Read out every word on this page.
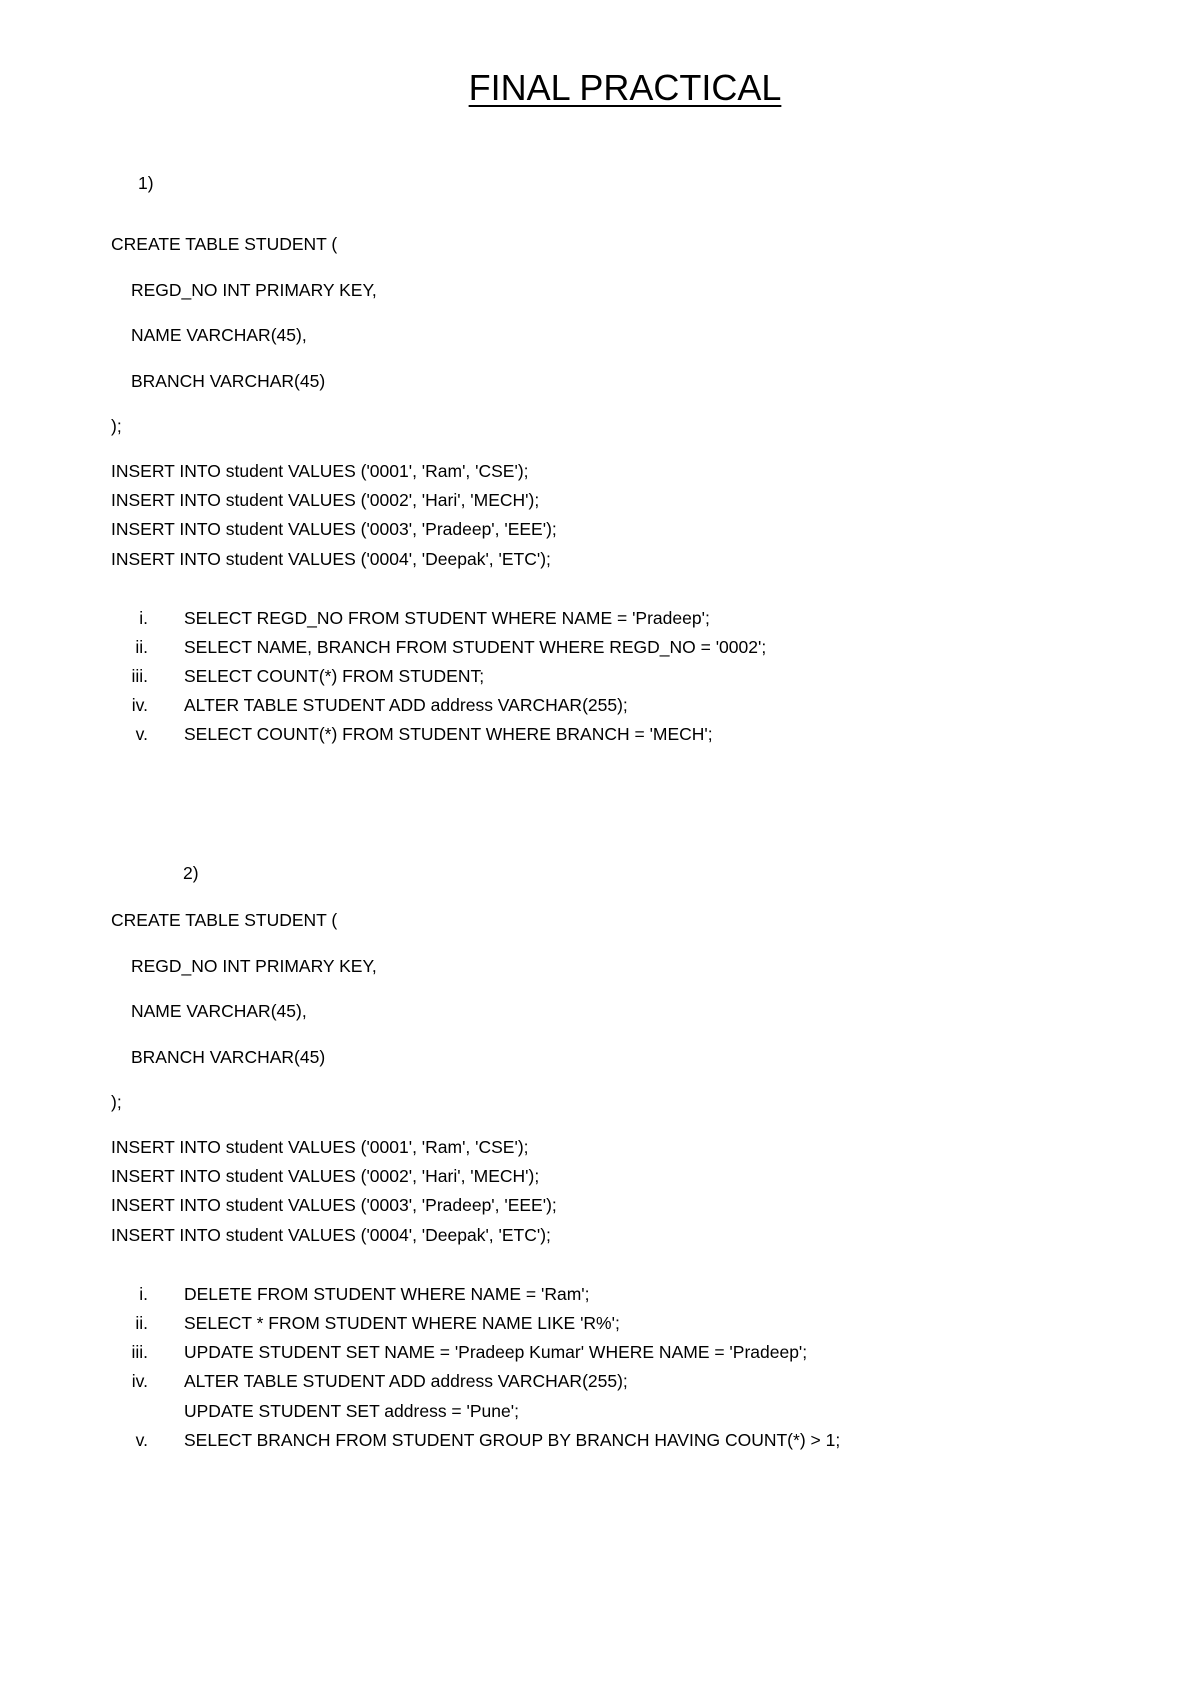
FINAL PRACTICAL
1)
CREATE TABLE STUDENT (
REGD_NO INT PRIMARY KEY,
NAME VARCHAR(45),
BRANCH VARCHAR(45)
);
INSERT INTO student VALUES ('0001', 'Ram', 'CSE');
INSERT INTO student VALUES ('0002', 'Hari', 'MECH');
INSERT INTO student VALUES ('0003', 'Pradeep', 'EEE');
INSERT INTO student VALUES ('0004', 'Deepak', 'ETC');
i. SELECT REGD_NO FROM STUDENT WHERE NAME = 'Pradeep';
ii. SELECT NAME, BRANCH FROM STUDENT WHERE REGD_NO = '0002';
iii. SELECT COUNT(*) FROM STUDENT;
iv. ALTER TABLE STUDENT ADD address VARCHAR(255);
v. SELECT COUNT(*) FROM STUDENT WHERE BRANCH = 'MECH';
2)
CREATE TABLE STUDENT (
REGD_NO INT PRIMARY KEY,
NAME VARCHAR(45),
BRANCH VARCHAR(45)
);
INSERT INTO student VALUES ('0001', 'Ram', 'CSE');
INSERT INTO student VALUES ('0002', 'Hari', 'MECH');
INSERT INTO student VALUES ('0003', 'Pradeep', 'EEE');
INSERT INTO student VALUES ('0004', 'Deepak', 'ETC');
i. DELETE FROM STUDENT WHERE NAME = 'Ram';
ii. SELECT * FROM STUDENT WHERE NAME LIKE 'R%';
iii. UPDATE STUDENT SET NAME = 'Pradeep Kumar' WHERE NAME = 'Pradeep';
iv. ALTER TABLE STUDENT ADD address VARCHAR(255);
UPDATE STUDENT SET address = 'Pune';
v. SELECT BRANCH FROM STUDENT GROUP BY BRANCH HAVING COUNT(*) > 1;
